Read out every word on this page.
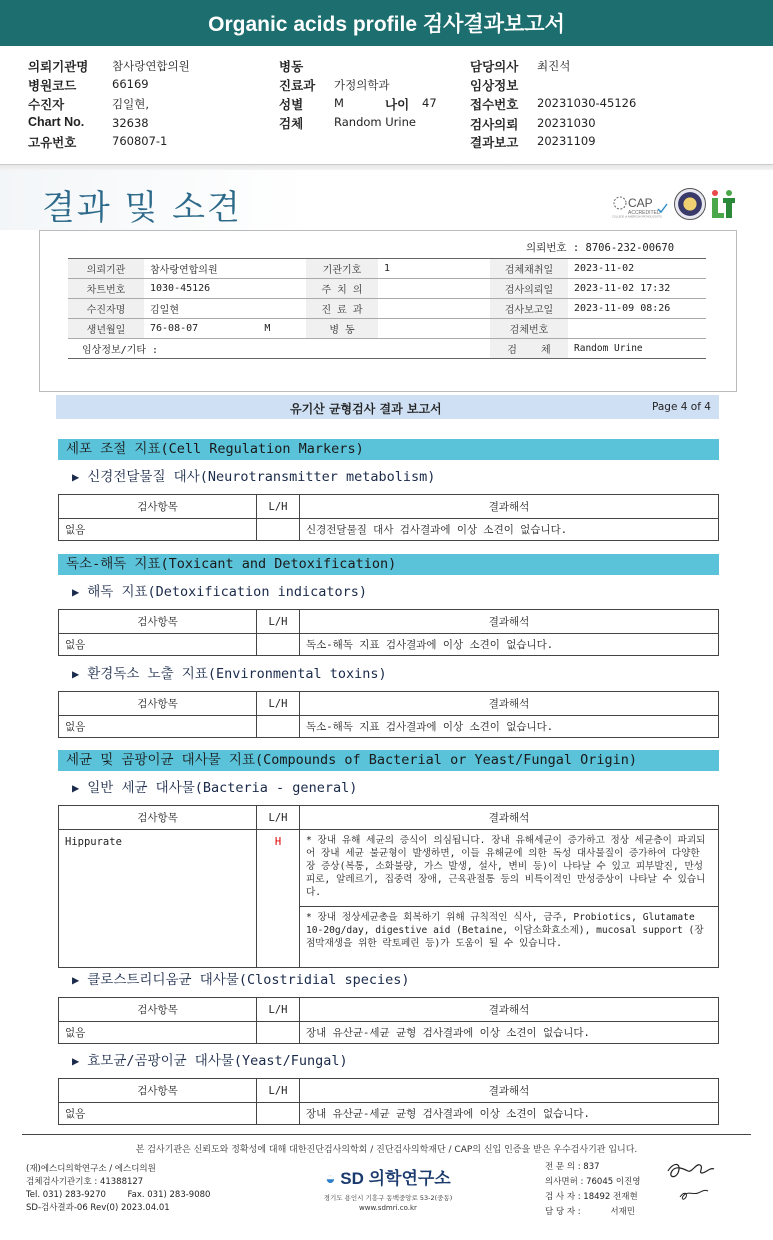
Organic acids profile 검사결과보고서
의뢰기관명 참사랑연합의원
병원코드	66169
수진자	김일현,
Chart No. 32638
고유번호	760807-1
병동
진료과 가정의학과
성별	M	나이 47
검체	Random Urine
담당의사 최진석
임상정보
접수번호 20231030-45126
검사의뢰 20231030
결과보고 20231109
결과 및 소견	CAP
ACCREDITED
COLLEGE of AMERICAN PATHOLOGISTS
의뢰번호 : 8706-232-00670
의뢰기관	참사랑연합의원	기관기호	1	검체채취일	2023-11-02
차트번호	1030-45126	주 치 의		검사의뢰일	2023-11-02 17:32
수진자명	김일현	진 료 과		검사보고일	2023-11-09 08:26
생년월일	76-08-07           M	병 동		검체번호	
임상정보/기타 :				검    체	Random Urine
유기산 균형검사 결과 보고서	Page 4 of 4
세포 조절 지표(Cell Regulation Markers)
▶ 신경전달물질 대사(Neurotransmitter metabolism)
검사항목	L/H	결과해석
없음		신경전달물질 대사 검사결과에 이상 소견이 없습니다.
독소-해독 지표(Toxicant and Detoxification)
▶ 해독 지표(Detoxification indicators)
검사항목	L/H	결과해석
없음		독소-해독 지표 검사결과에 이상 소견이 없습니다.
▶ 환경독소 노출 지표(Environmental toxins)
검사항목	L/H	결과해석
없음		독소-해독 지표 검사결과에 이상 소견이 없습니다.
세균 및 곰팡이균 대사물 지표(Compounds of Bacterial or Yeast/Fungal Origin)
▶ 일반 세균 대사물(Bacteria - general)
검사항목	L/H	결과해석
Hippurate	H	* 장내 유해 세균의 증식이 의심됩니다. 장내 유해세균이 증가하고 정상 세균층이 파괴되어 장내 세균 불균형이 발생하면, 이들 유해균에 의한 독성 대사물질이 증가하여 다양한 장 증상(복통, 소화불량, 가스 발생, 설사, 변비 등)이 나타날 수 있고 피부발진, 만성피로, 알레르기, 집중력 장애, 근육관절통 등의 비특이적인 만성증상이 나타날 수 있습니다.
		* 장내 정상세균총을 회복하기 위해 규칙적인 식사, 금주, Probiotics, Glutamate 10-20g/day, digestive aid (Betaine, 이담소화효소제), mucosal support (장점막재생을 위한 락토페린 등)가 도움이 될 수 있습니다.
▶ 클로스트리디움균 대사물(Clostridial species)
검사항목	L/H	결과해석
없음		장내 유산균-세균 균형 검사결과에 이상 소견이 없습니다.
▶ 효모균/곰팡이균 대사물(Yeast/Fungal)
검사항목	L/H	결과해석
없음		장내 유산균-세균 균형 검사결과에 이상 소견이 없습니다.
본 검사기관은 신뢰도와 정확성에 대해 대한진단검사의학회 / 진단검사의학재단 / CAP의 신입 인증을 받은 우수검사기관 입니다.
(재)에스디의학연구소 / 에스디의원
검체검사기관기호 : 41388127
Tel. 031) 283-9270        Fax. 031) 283-9080
SD-검사결과-06 Rev(0) 2023.04.01
◒ SD 의학연구소
경기도 용인시 기흥구 동백중앙로 53-2(중동)
www.sdmri.co.kr
전 문 의 : 837
의사면허 : 76045 이진영
검 사 자 : 18492 전재현
담 당 자 :           서재민
